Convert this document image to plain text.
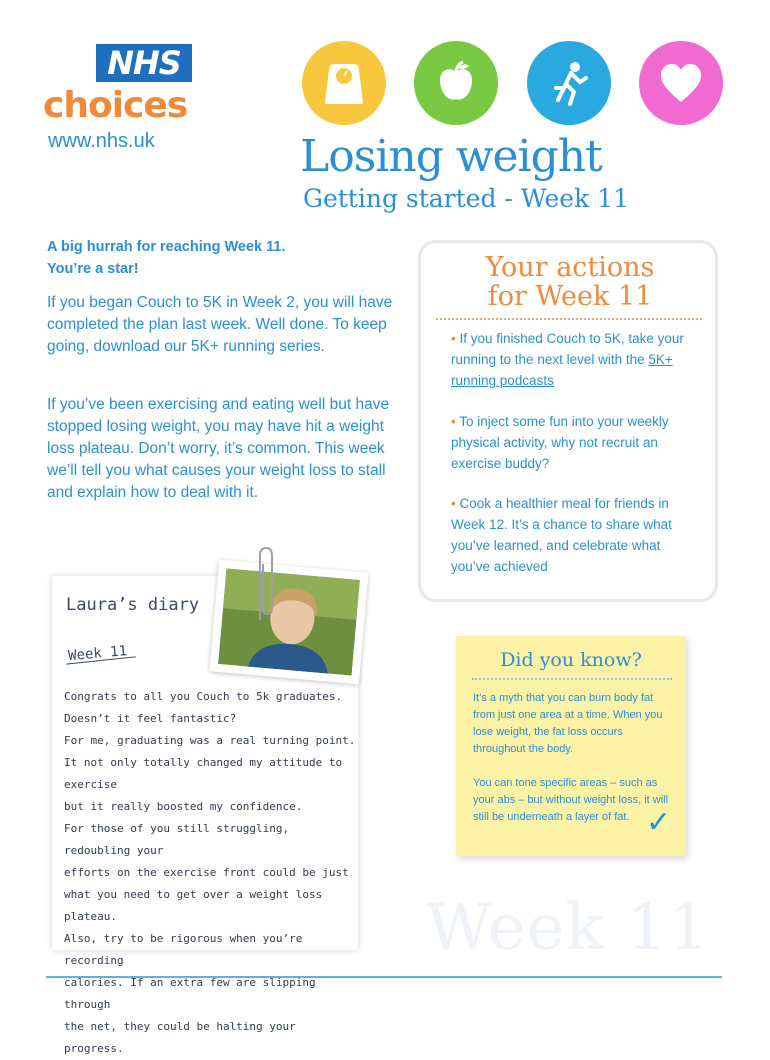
NHS
choices
www.nhs.uk	Losing weight
Getting started - Week 11
A big hurrah for reaching Week 11.
You’re a star!
If you began Couch to 5K in Week 2, you will have completed the plan last week. Well done. To keep going, download our 5K+ running series.
If you’ve been exercising and eating well but have stopped losing weight, you may have hit a weight loss plateau. Don’t worry, it’s common. This week we’ll tell you what causes your weight loss to stall and explain how to deal with it.
Your actions
for Week 11
• If you finished Couch to 5K, take your running to the next level with the 5K+ running podcasts
• To inject some fun into your weekly physical activity, why not recruit an exercise buddy?
• Cook a healthier meal for friends in Week 12. It’s a chance to share what you’ve learned, and celebrate what you’ve achieved
Laura’s diary
Week 11
Congrats to all you Couch to 5k graduates.
Doesn’t it feel fantastic?
For me, graduating was a real turning point.
It not only totally changed my attitude to exercise
but it really boosted my confidence.
For those of you still struggling, redoubling your
efforts on the exercise front could be just
what you need to get over a weight loss plateau.
Also, try to be rigorous when you’re recording
calories. If an extra few are slipping through
the net, they could be halting your progress.
Did you know?
It’s a myth that you can burn body fat from just one area at a time. When you lose weight, the fat loss occurs throughout the body.
You can tone specific areas – such as your abs – but without weight loss, it will still be underneath a layer of fat. ✓
Week 11
